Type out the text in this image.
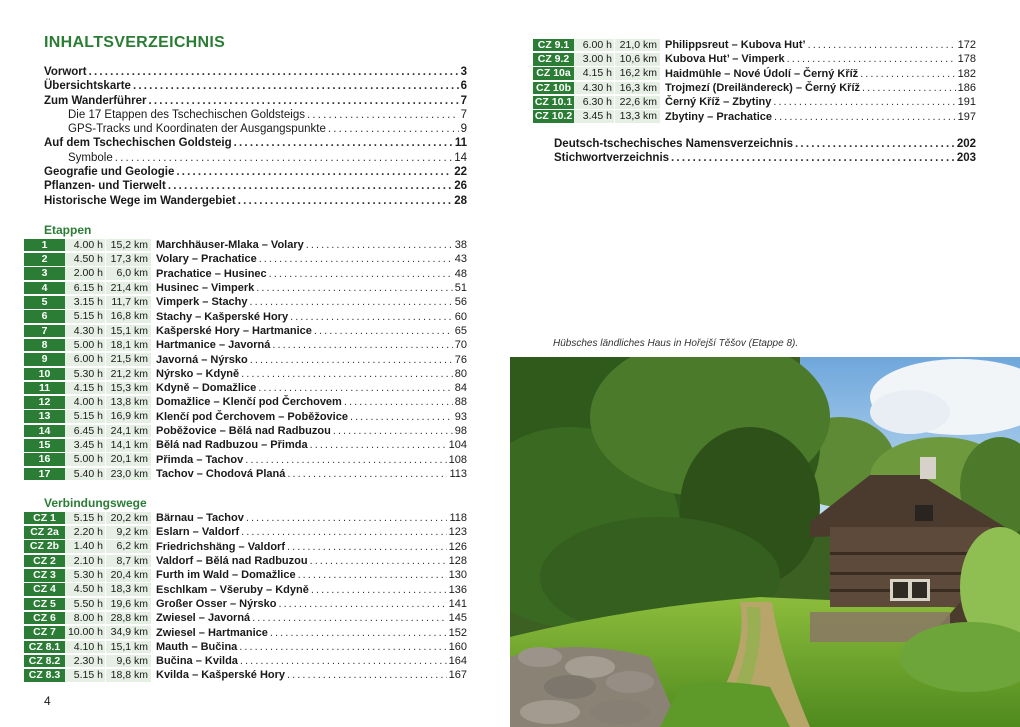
INHALTSVERZEICHNIS
Vorwort . . .	3
Übersichtskarte . . .	6
Zum Wanderführer . . .	7
Die 17 Etappen des Tschechischen Goldsteigs . . .	7
GPS-Tracks und Koordinaten der Ausgangspunkte . . .	9
Auf dem Tschechischen Goldsteig . . .	11
Symbole . . .	14
Geografie und Geologie . . .	22
Pflanzen- und Tierwelt . . .	26
Historische Wege im Wandergebiet . . .	28
Etappen
1	4.00 h 15,2 km Marchhäuser-Mlaka – Volary . . .	38
2	4.50 h 17,3 km Volary – Prachatice . . .	43
3	2.00 h	6,0 km Prachatice – Husinec . . .	48
4	6.15 h 21,4 km Husinec – Vimperk . . .	51
5	3.15 h 11,7 km Vimperk – Stachy . . .	56
6	5.15 h 16,8 km Stachy – Kašperské Hory . . .	60
7	4.30 h 15,1 km Kašperské Hory – Hartmanice . . .	65
8	5.00 h 18,1 km Hartmanice – Javorná . . .	70
9	6.00 h 21,5 km Javorná – Nýrsko . . .	76
10	5.30 h 21,2 km Nýrsko – Kdyně . . .	80
11	4.15 h 15,3 km Kdyně – Domažlice . . .	84
12	4.00 h 13,8 km Domažlice – Klenčí pod Čerchovem . . .	88
13	5.15 h 16,9 km Klenčí pod Čerchovem – Poběžovice . . .	93
14	6.45 h 24,1 km Poběžovice – Bělá nad Radbuzou . . .	98
15	3.45 h 14,1 km Bělá nad Radbuzou – Přimda . . .	104
16	5.00 h 20,1 km Přimda – Tachov . . .	108
17	5.40 h 23,0 km Tachov – Chodová Planá . . .	113
Verbindungswege
CZ 1	5.15 h 20,2 km Bärnau – Tachov . . .	118
CZ 2a	2.20 h	9,2 km Eslarn – Valdorf . . .	123
CZ 2b	1.40 h	6,2 km Friedrichshäng – Valdorf . . .	126
CZ 2	2.10 h	8,7 km Valdorf – Bělá nad Radbuzou . . .	128
CZ 3	5.30 h 20,4 km Furth im Wald – Domažlice . . .	130
CZ 4	4.50 h 18,3 km Eschlkam – Všeruby – Kdyně . . .	136
CZ 5	5.50 h 19,6 km Großer Osser – Nýrsko . . .	141
CZ 6	8.00 h 28,8 km Zwiesel – Javorná . . .	145
CZ 7	10.00 h 34,9 km Zwiesel – Hartmanice . . .	152
CZ 8.1	4.10 h 15,1 km Mauth – Bučina . . .	160
CZ 8.2	2.30 h	9,6 km Bučina – Kvilda . . .	164
CZ 8.3	5.15 h 18,8 km Kvilda – Kašperské Hory . . .	167
CZ 9.1	6.00 h 21,0 km Philippsreut – Kubova Hut’ . . .	172
CZ 9.2	3.00 h 10,6 km Kubova Hut’ – Vimperk . . .	178
CZ 10a	4.15 h 16,2 km Haidmühle – Nové Údolí – Černý Kříž . . .	182
CZ 10b	4.30 h 16,3 km Trojmezí (Dreiländereck) – Černý Kříž . . .	186
CZ 10.1	6.30 h 22,6 km Černý Kříž – Zbytiny . . .	191
CZ 10.2	3.45 h 13,3 km Zbytiny – Prachatice . . .	197
Deutsch-tschechisches Namensverzeichnis . . .	202
Stichwortverzeichnis . . .	203
Hübsches ländliches Haus in Hořejší Těšov (Etappe 8).
4
